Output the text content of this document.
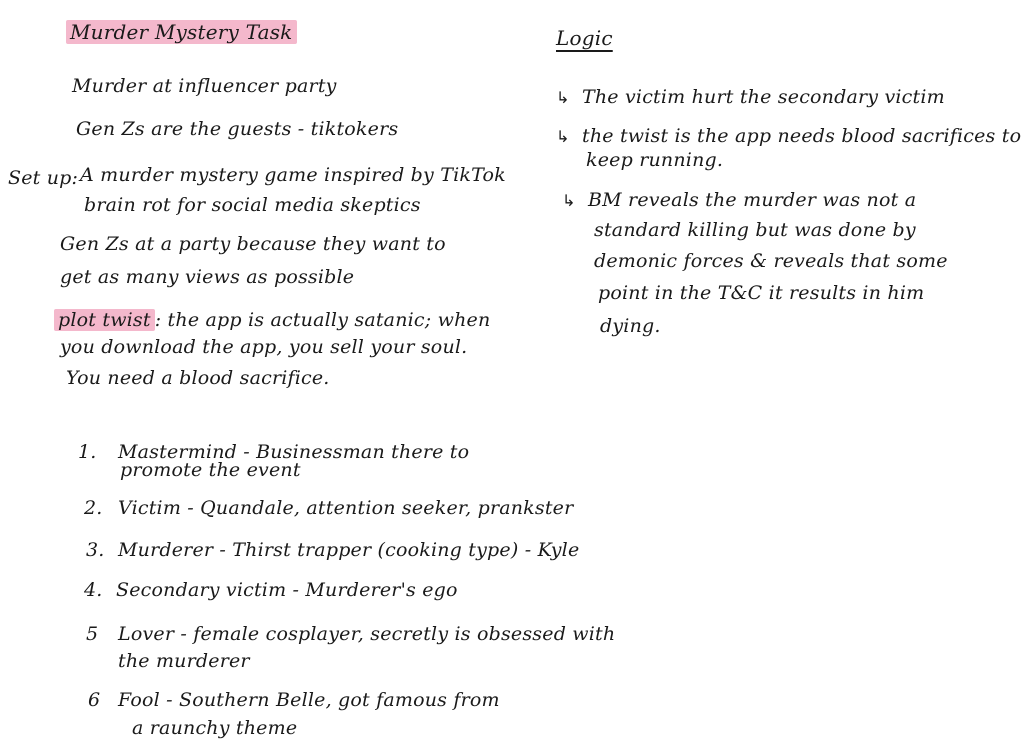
Murder Mystery Task
Murder at influencer party
Gen Zs are the guests - tiktokers
Set up: A murder mystery game inspired by TikTok
brain rot for social media skeptics
Gen Zs at a party because they want to
get as many views as possible
plot twist : the app is actually satanic; when
you download the app, you sell your soul.
You need a blood sacrifice.
1. Mastermind - Businessman there to
promote the event
2. Victim - Quandale, attention seeker, prankster
3. Murderer - Thirst trapper (cooking type) - Kyle
4. Secondary victim - Murderer's ego
5 Lover - female cosplayer, secretly is obsessed with
the murderer
6 Fool - Southern Belle, got famous from
a raunchy theme
Logic
↳ The victim hurt the secondary victim
↳ the twist is the app needs blood sacrifices to
keep running.
↳ BM reveals the murder was not a
standard killing but was done by
demonic forces & reveals that some
point in the T&C it results in him
dying.
